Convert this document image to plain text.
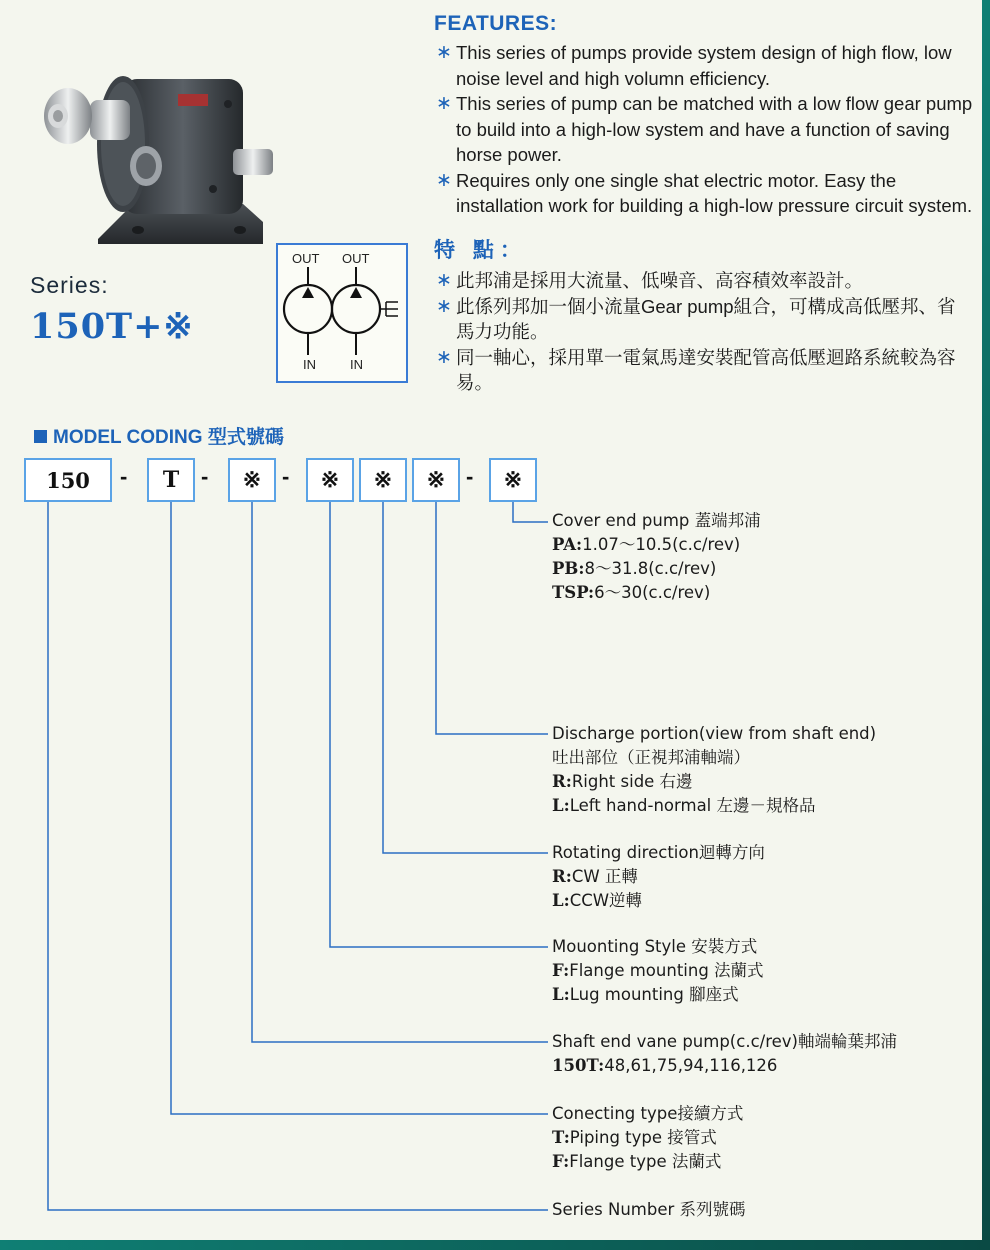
Series:
150T+※
OUT OUT
IN	IN
FEATURES:
∗ This series of pumps provide system design of high flow, low noise level and high volumn efficiency.
∗ This series of pump can be matched with a low flow gear pump to build into a high-low system and have a function of saving horse power.
∗ Requires only one single shat electric motor. Easy the installation work for building a high-low pressure circuit system.
特 點：
∗ 此邦浦是採用大流量、低噪音、高容積效率設計。
∗ 此係列邦加一個小流量Gear pump組合，可構成高低壓邦、省馬力功能。
∗ 同一軸心，採用單一電氣馬達安裝配管高低壓迴路系統較為容易。
MODEL CODING 型式號碼
150	-	T -	※ -	※	※	※ -	※
Cover end pump 蓋端邦浦
PA:1.07～10.5(c.c/rev)
PB:8～31.8(c.c/rev)
TSP:6～30(c.c/rev)
Discharge portion(view from shaft end)
吐出部位（正視邦浦軸端）
R:Right side 右邊
L:Left hand-normal 左邊－規格品
Rotating direction迴轉方向
R:CW 正轉
L:CCW逆轉
Mouonting Style 安裝方式
F:Flange mounting 法蘭式
L:Lug mounting 腳座式
Shaft end vane pump(c.c/rev)軸端輪葉邦浦
150T:48,61,75,94,116,126
Conecting type接續方式
T:Piping type 接管式
F:Flange type 法蘭式
Series Number 系列號碼
